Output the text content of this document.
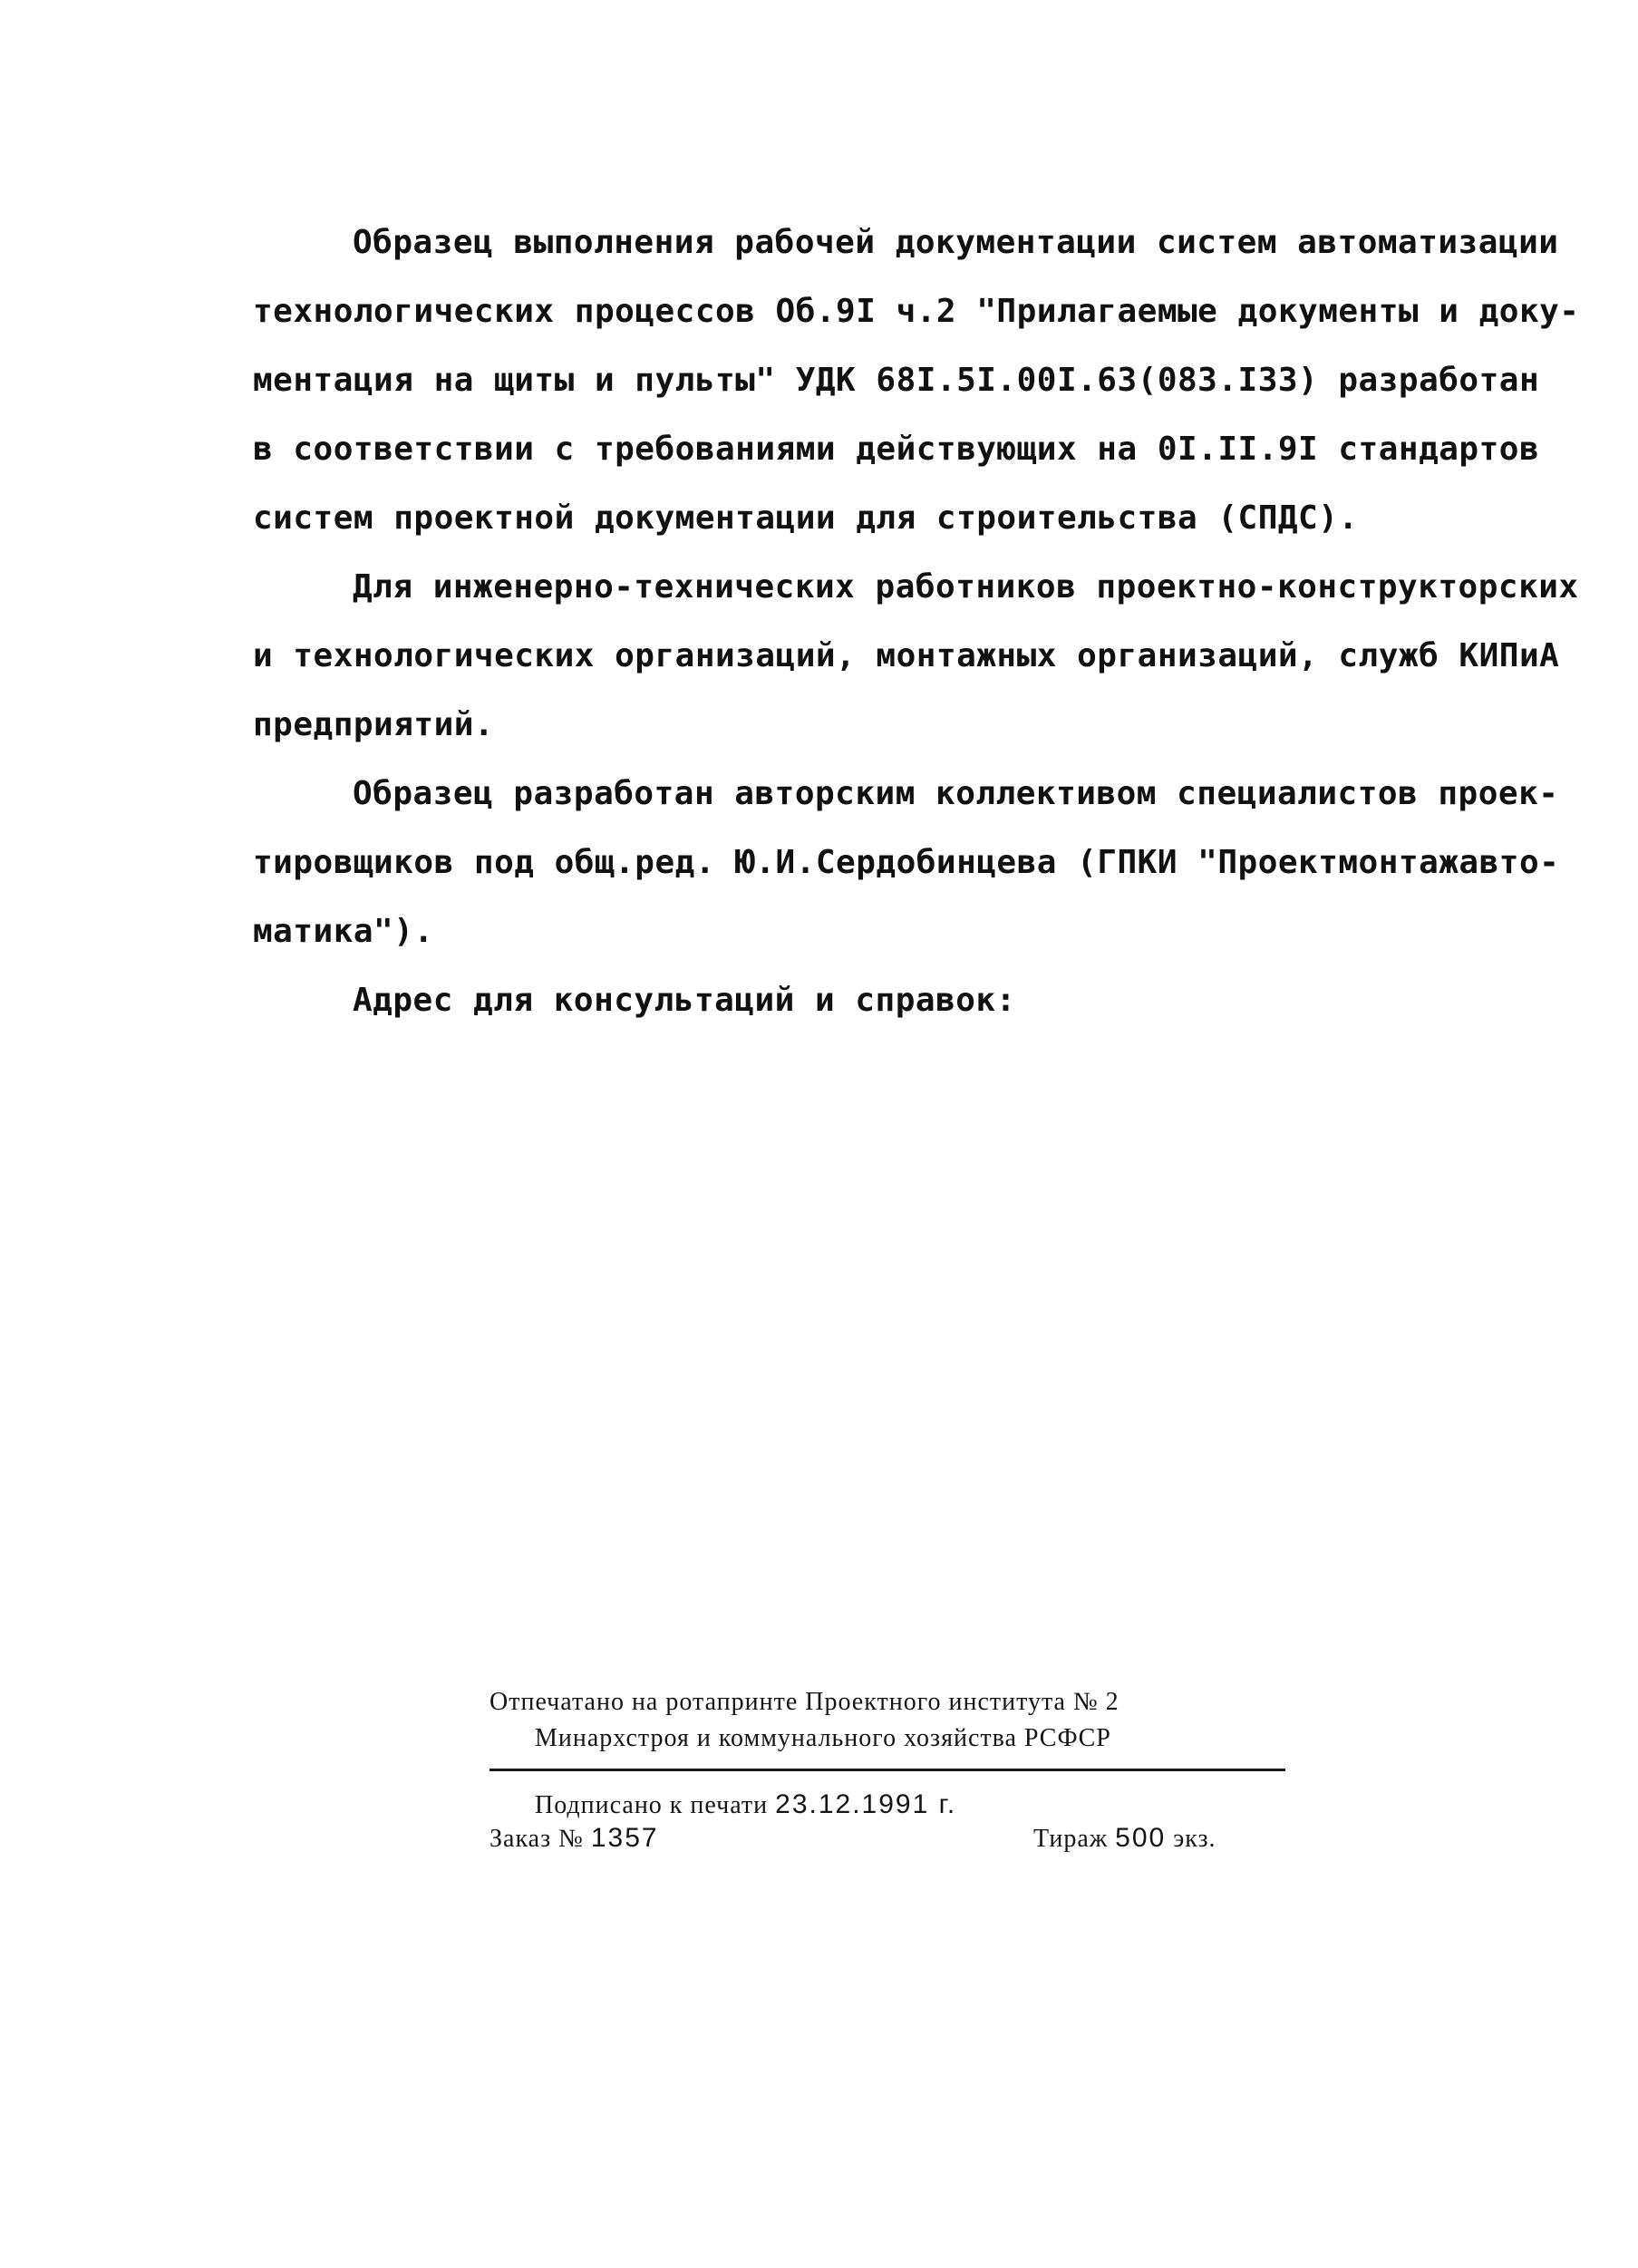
Образец выполнения рабочей документации систем автоматизации
технологических процессов Об.9I ч.2 "Прилагаемые документы и доку-
ментация на щиты и пульты" УДК 68I.5I.00I.63(083.I33) разработан
в соответствии с требованиями действующих на 0I.II.9I стандартов
систем проектной документации для строительства (СПДС).
Для инженерно-технических работников проектно-конструкторских
и технологических организаций, монтажных организаций, служб КИПиА
предприятий.
Образец разработан авторским коллективом специалистов проек-
тировщиков под общ.ред. Ю.И.Сердобинцева (ГПКИ "Проектмонтажавто-
матика").
Адрес для консультаций и справок:
Отпечатано на ротапринте Проектного института № 2
Минархстроя и коммунального хозяйства РСФСР
Подписано к печати 23.12.1991 г.
Заказ № 1357	Тираж 500 экз.
